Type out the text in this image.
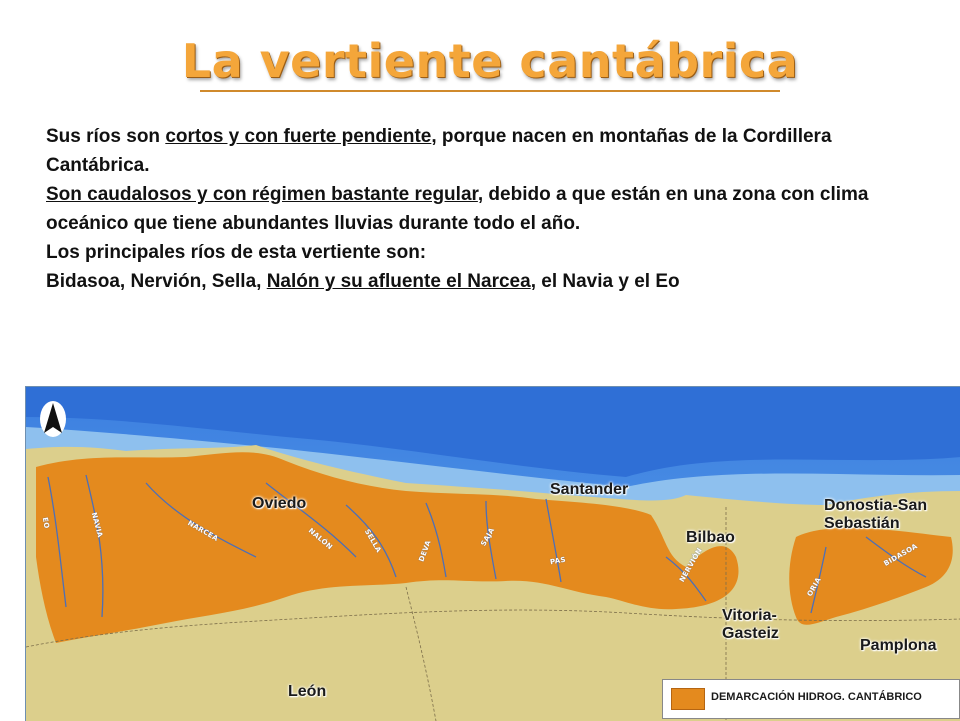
La vertiente cantábrica

Sus ríos son cortos y con fuerte pendiente, porque nacen en montañas de la Cordillera Cantábrica.

Son caudalosos y con régimen bastante regular, debido a que están en una zona con clima oceánico que tiene abundantes lluvias durante todo el año.

Los principales ríos de esta vertiente son:

Bidasoa, Nervión, Sella, Nalón y su afluente el Narcea, el Navia y el Eo

Oviedo
Santander
Bilbao
Donostia-San Sebastián
Vitoria-Gasteiz
Pamplona
León
EO	NAVIA	NARCEA	NALÓN	SELLA	DEVA
SAJA
PAS	NERVIÓN
ORIA
BIDASOA
DEMARCACIÓN HIDROG. CANTÁBRICO
